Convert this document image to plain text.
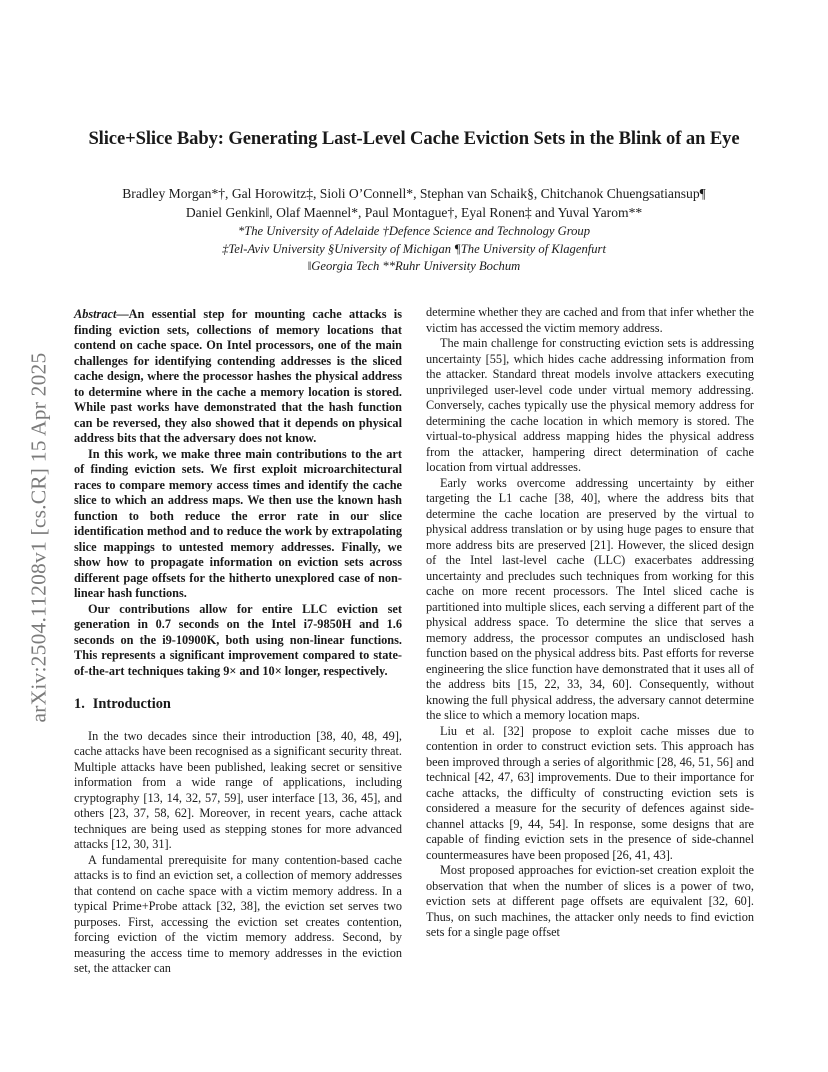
arXiv:2504.11208v1 [cs.CR] 15 Apr 2025
Slice+Slice Baby: Generating Last-Level Cache Eviction Sets in the Blink of an Eye
Bradley Morgan*†, Gal Horowitz‡, Sioli O’Connell*, Stephan van Schaik§, Chitchanok Chuengsatiansup¶
Daniel Genkin‖, Olaf Maennel*, Paul Montague†, Eyal Ronen‡ and Yuval Yarom**
*The University of Adelaide †Defence Science and Technology Group
‡Tel-Aviv University §University of Michigan ¶The University of Klagenfurt
‖Georgia Tech **Ruhr University Bochum

Abstract—An essential step for mounting cache attacks is finding eviction sets, collections of memory locations that contend on cache space. On Intel processors, one of the main challenges for identifying contending addresses is the sliced cache design, where the processor hashes the physical address to determine where in the cache a memory location is stored. While past works have demonstrated that the hash function can be reversed, they also showed that it depends on physical address bits that the adversary does not know.

In this work, we make three main contributions to the art of finding eviction sets. We first exploit microarchitectural races to compare memory access times and identify the cache slice to which an address maps. We then use the known hash function to both reduce the error rate in our slice identification method and to reduce the work by extrapolating slice mappings to untested memory addresses. Finally, we show how to propagate information on eviction sets across different page offsets for the hitherto unexplored case of non-linear hash functions.

Our contributions allow for entire LLC eviction set generation in 0.7 seconds on the Intel i7-9850H and 1.6 seconds on the i9-10900K, both using non-linear functions. This represents a significant improvement compared to state-of-the-art techniques taking 9× and 10× longer, respectively.

1. Introduction

In the two decades since their introduction [38, 40, 48, 49], cache attacks have been recognised as a significant security threat. Multiple attacks have been published, leaking secret or sensitive information from a wide range of applications, including cryptography [13, 14, 32, 57, 59], user interface [13, 36, 45], and others [23, 37, 58, 62]. Moreover, in recent years, cache attack techniques are being used as stepping stones for more advanced attacks [12, 30, 31].

A fundamental prerequisite for many contention-based cache attacks is to find an eviction set, a collection of memory addresses that contend on cache space with a victim memory address. In a typical Prime+Probe attack [32, 38], the eviction set serves two purposes. First, accessing the eviction set creates contention, forcing eviction of the victim memory address. Second, by measuring the access time to memory addresses in the eviction set, the attacker can

determine whether they are cached and from that infer whether the victim has accessed the victim memory address.

The main challenge for constructing eviction sets is addressing uncertainty [55], which hides cache addressing information from the attacker. Standard threat models involve attackers executing unprivileged user-level code under virtual memory addressing. Conversely, caches typically use the physical memory address for determining the cache location in which memory is stored. The virtual-to-physical address mapping hides the physical address from the attacker, hampering direct determination of cache location from virtual addresses.

Early works overcome addressing uncertainty by either targeting the L1 cache [38, 40], where the address bits that determine the cache location are preserved by the virtual to physical address translation or by using huge pages to ensure that more address bits are preserved [21]. However, the sliced design of the Intel last-level cache (LLC) exacerbates addressing uncertainty and precludes such techniques from working for this cache on more recent processors. The Intel sliced cache is partitioned into multiple slices, each serving a different part of the physical address space. To determine the slice that serves a memory address, the processor computes an undisclosed hash function based on the physical address bits. Past efforts for reverse engineering the slice function have demonstrated that it uses all of the address bits [15, 22, 33, 34, 60]. Consequently, without knowing the full physical address, the adversary cannot determine the slice to which a memory location maps.

Liu et al. [32] propose to exploit cache misses due to contention in order to construct eviction sets. This approach has been improved through a series of algorithmic [28, 46, 51, 56] and technical [42, 47, 63] improvements. Due to their importance for cache attacks, the difficulty of constructing eviction sets is considered a measure for the security of defences against side-channel attacks [9, 44, 54]. In response, some designs that are capable of finding eviction sets in the presence of side-channel countermeasures have been proposed [26, 41, 43].

Most proposed approaches for eviction-set creation exploit the observation that when the number of slices is a power of two, eviction sets at different page offsets are equivalent [32, 60]. Thus, on such machines, the attacker only needs to find eviction sets for a single page offset
